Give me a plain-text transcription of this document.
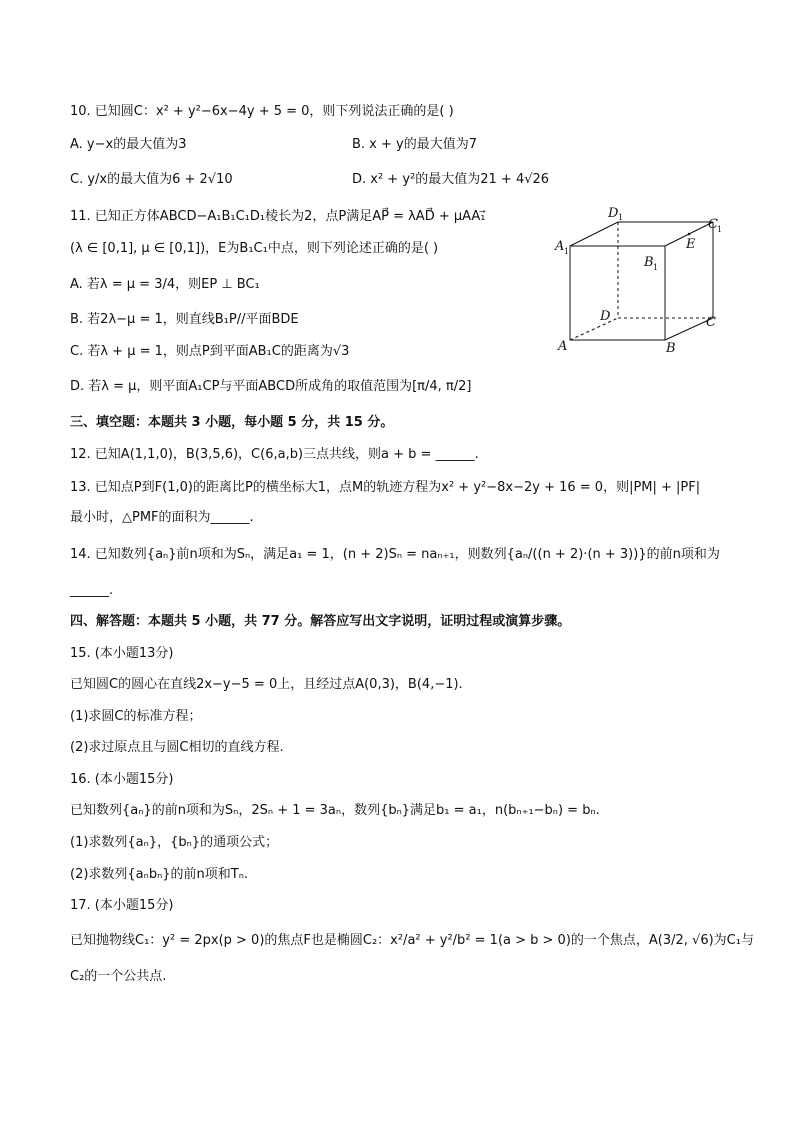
10. 已知圆C：x² + y²−6x−4y + 5 = 0，则下列说法正确的是( )
A. y−x的最大值为3	B. x + y的最大值为7
C. y/x的最大值为6 + 2√10	D. x² + y²的最大值为21 + 4√26
11. 已知正方体ABCD−A₁B₁C₁D₁棱长为2，点P满足AP⃗ = λAD⃗ + μAA₁⃗
(λ ∈ [0,1], μ ∈ [0,1])，E为B₁C₁中点，则下列论述正确的是( )
A. 若λ = μ = 3/4，则EP ⊥ BC₁
B. 若2λ−μ = 1，则直线B₁P//平面BDE
C. 若λ + μ = 1，则点P到平面AB₁C的距离为√3
D. 若λ = μ，则平面A₁CP与平面ABCD所成角的取值范围为[π/4, π/2]
D 1	C 1
A 1	E
B 1
D	C
A	B
三、填空题：本题共 3 小题，每小题 5 分，共 15 分。
12. 已知A(1,1,0)，B(3,5,6)，C(6,a,b)三点共线，则a + b = ______.
13. 已知点P到F(1,0)的距离比P的横坐标大1，点M的轨迹方程为x² + y²−8x−2y + 16 = 0，则|PM| + |PF|
最小时，△PMF的面积为______.
14. 已知数列{aₙ}前n项和为Sₙ，满足a₁ = 1，(n + 2)Sₙ = naₙ₊₁，则数列{aₙ/((n + 2)·(n + 3))}的前n项和为
______.
四、解答题：本题共 5 小题，共 77 分。解答应写出文字说明，证明过程或演算步骤。
15. (本小题13分)
已知圆C的圆心在直线2x−y−5 = 0上，且经过点A(0,3)，B(4,−1).
(1)求圆C的标准方程；
(2)求过原点且与圆C相切的直线方程.
16. (本小题15分)
已知数列{aₙ}的前n项和为Sₙ，2Sₙ + 1 = 3aₙ，数列{bₙ}满足b₁ = a₁，n(bₙ₊₁−bₙ) = bₙ.
(1)求数列{aₙ}，{bₙ}的通项公式；
(2)求数列{aₙbₙ}的前n项和Tₙ.
17. (本小题15分)
已知抛物线C₁：y² = 2px(p > 0)的焦点F也是椭圆C₂：x²/a² + y²/b² = 1(a > b > 0)的一个焦点，A(3/2, √6)为C₁与
C₂的一个公共点.
